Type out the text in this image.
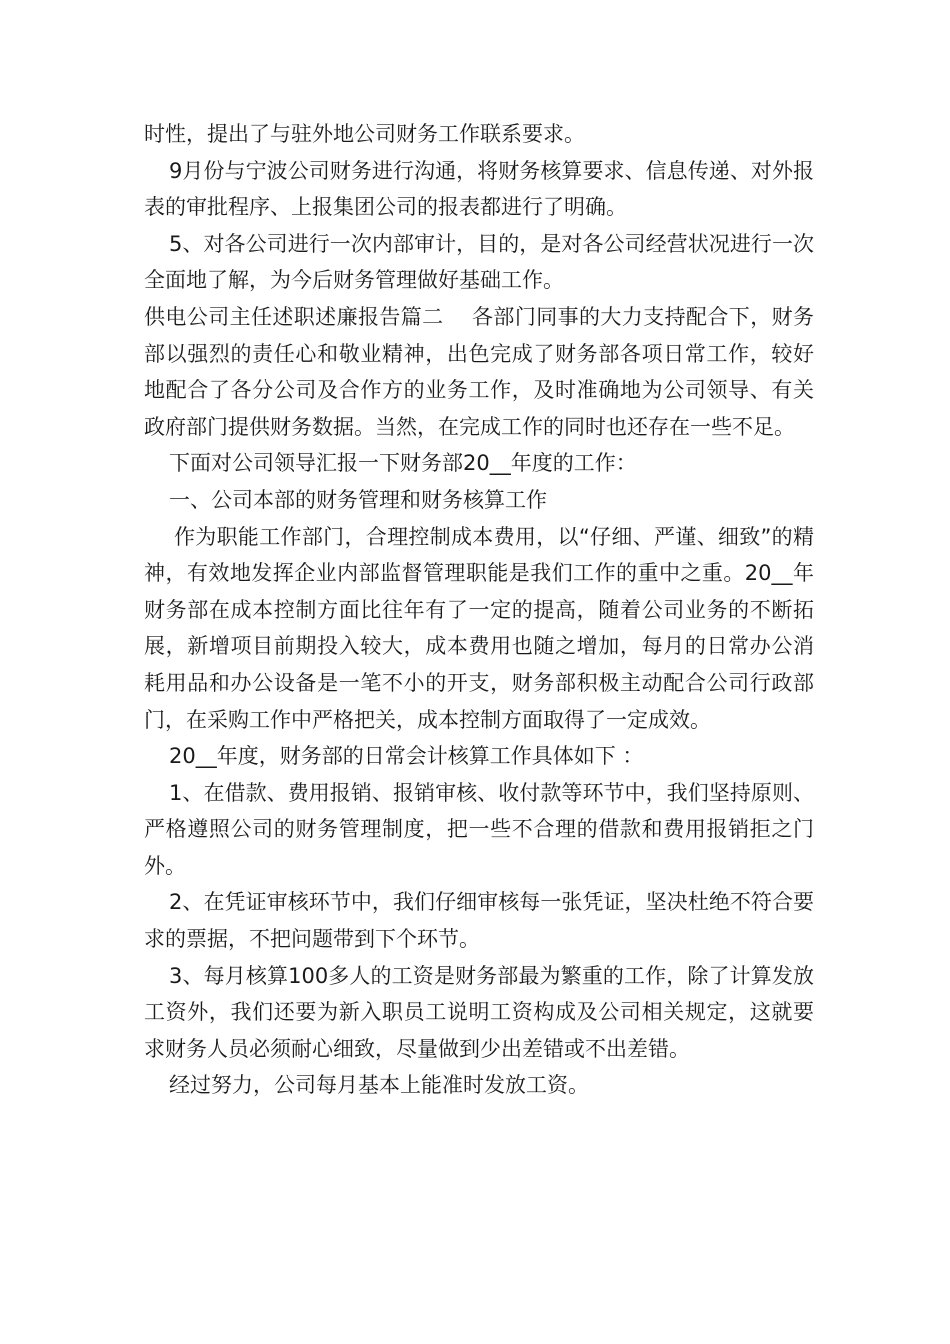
时性，提出了与驻外地公司财务工作联系要求。

9月份与宁波公司财务进行沟通，将财务核算要求、信息传递、对外报表的审批程序、上报集团公司的报表都进行了明确。

5、对各公司进行一次内部审计，目的，是对各公司经营状况进行一次全面地了解，为今后财务管理做好基础工作。

供电公司主任述职述廉报告篇二　 各部门同事的大力支持配合下，财务部以强烈的责任心和敬业精神，出色完成了财务部各项日常工作，较好地配合了各分公司及合作方的业务工作，及时准确地为公司领导、有关政府部门提供财务数据。当然，在完成工作的同时也还存在一些不足。

下面对公司领导汇报一下财务部20__年度的工作：

一、公司本部的财务管理和财务核算工作

作为职能工作部门，合理控制成本费用，以“仔细、严谨、细致”的精神，有效地发挥企业内部监督管理职能是我们工作的重中之重。20__年财务部在成本控制方面比往年有了一定的提高，随着公司业务的不断拓展，新增项目前期投入较大，成本费用也随之增加，每月的日常办公消耗用品和办公设备是一笔不小的开支，财务部积极主动配合公司行政部门，在采购工作中严格把关，成本控制方面取得了一定成效。

20__年度，财务部的日常会计核算工作具体如下 ：

1、在借款、费用报销、报销审核、收付款等环节中，我们坚持原则、严格遵照公司的财务管理制度，把一些不合理的借款和费用报销拒之门外。

2、在凭证审核环节中，我们仔细审核每一张凭证，坚决杜绝不符合要求的票据，不把问题带到下个环节。

3、每月核算100多人的工资是财务部最为繁重的工作，除了计算发放工资外，我们还要为新入职员工说明工资构成及公司相关规定，这就要求财务人员必须耐心细致，尽量做到少出差错或不出差错。

经过努力，公司每月基本上能准时发放工资。
